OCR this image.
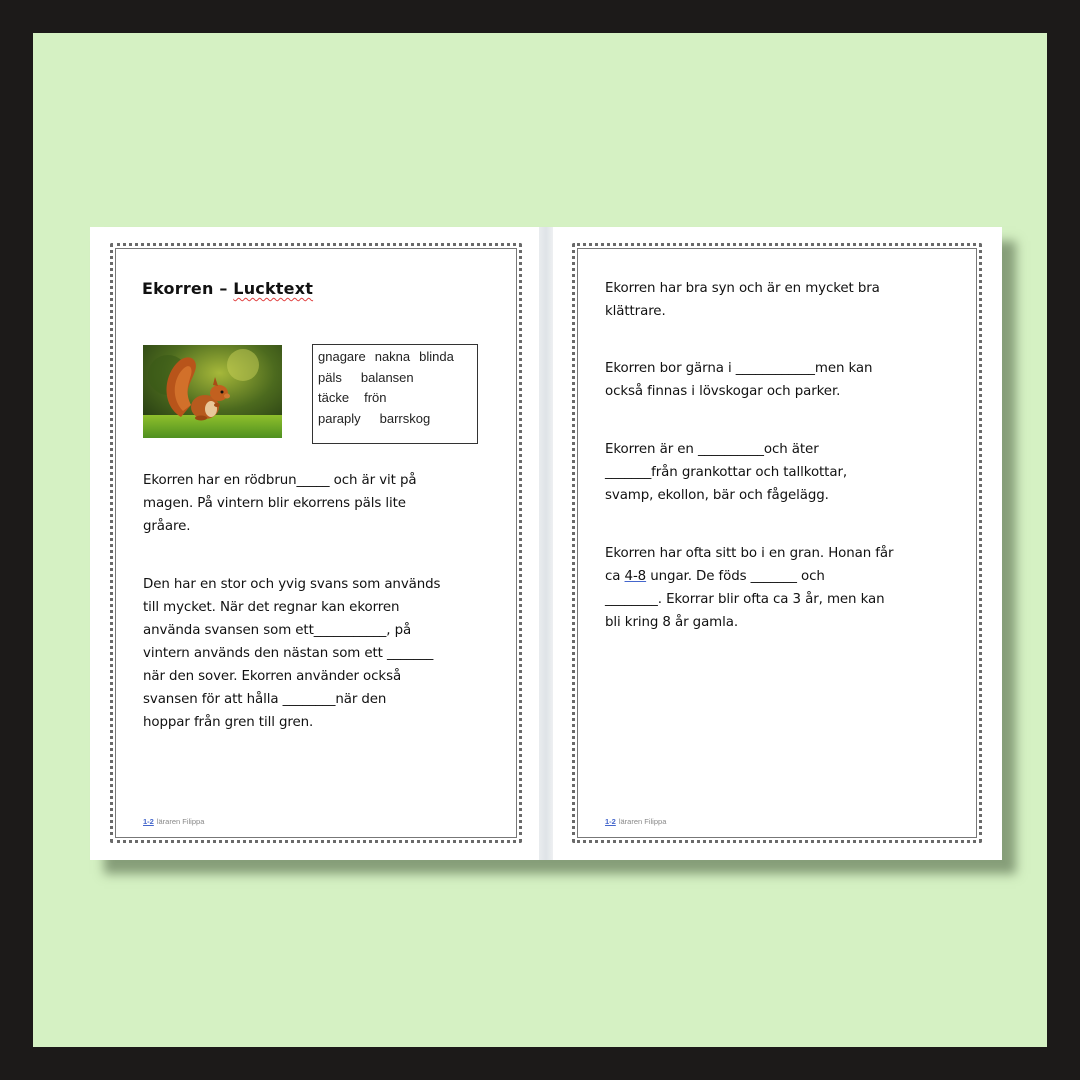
Ekorren – Lucktext
gnagare nakna blinda
päls balansen
täcke frön
paraply barrskog

Ekorren har en rödbrun_____ och är vit på
magen. På vintern blir ekorrens päls lite
gråare.

Den har en stor och yvig svans som används
till mycket. När det regnar kan ekorren
använda svansen som ett___________, på
vintern används den nästan som ett _______
när den sover. Ekorren använder också
svansen för att hålla ________när den
hoppar från gren till gren.

1-2 läraren Filippa

Ekorren har bra syn och är en mycket bra
klättrare.

Ekorren bor gärna i ____________men kan
också finnas i lövskogar och parker.

Ekorren är en __________och äter
_______från grankottar och tallkottar,
svamp, ekollon, bär och fågelägg.

Ekorren har ofta sitt bo i en gran. Honan får
ca 4-8 ungar. De föds _______ och
________. Ekorrar blir ofta ca 3 år, men kan
bli kring 8 år gamla.

1-2 läraren Filippa
